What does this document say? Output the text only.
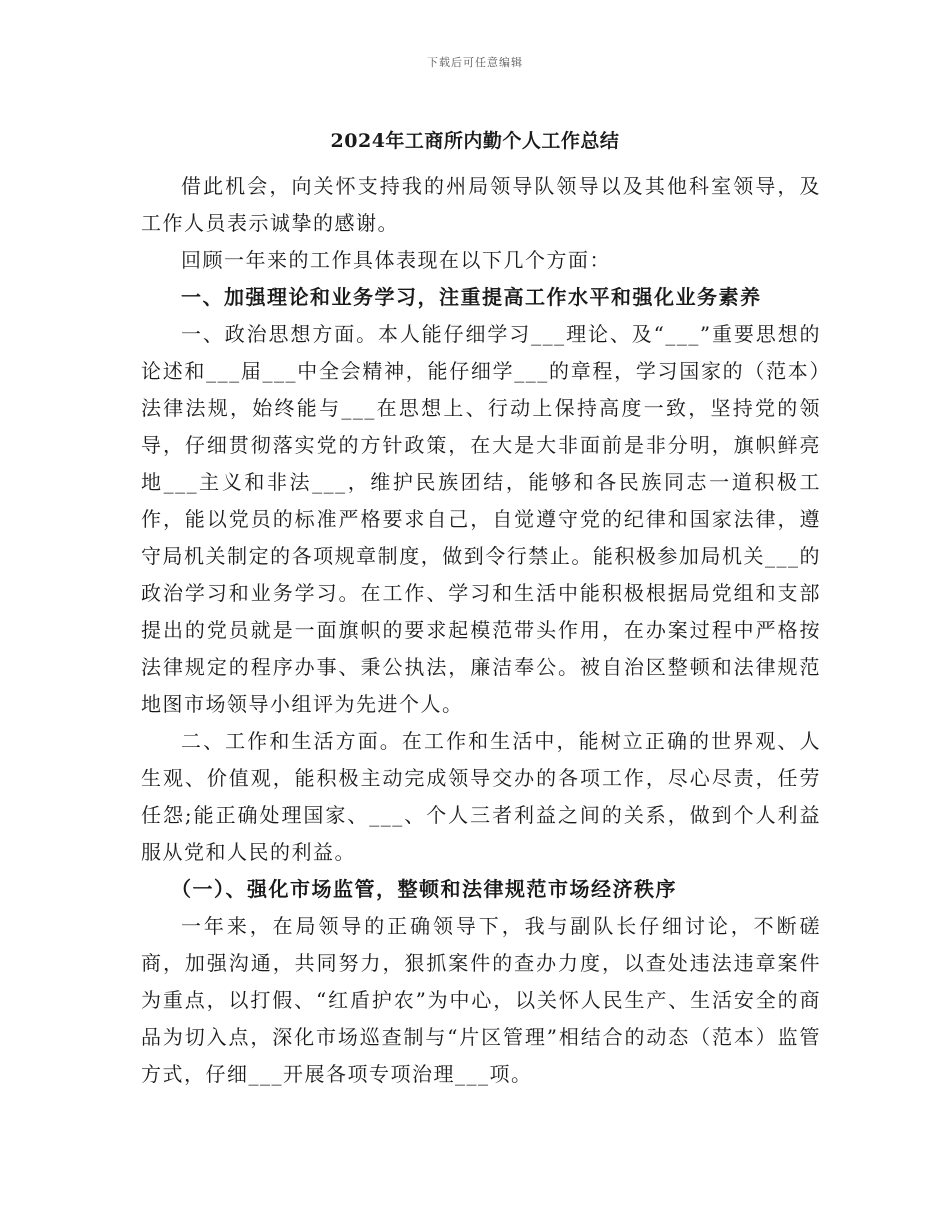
下载后可任意编辑
2024年工商所内勤个人工作总结

借此机会，向关怀支持我的州局领导队领导以及其他科室领导，及工作人员表示诚挚的感谢。

回顾一年来的工作具体表现在以下几个方面：

一、加强理论和业务学习，注重提高工作水平和强化业务素养

一、政治思想方面。本人能仔细学习___理论、及“___”重要思想的论述和___届___中全会精神，能仔细学___的章程，学习国家的（范本）法律法规，始终能与___在思想上、行动上保持高度一致，坚持党的领导，仔细贯彻落实党的方针政策，在大是大非面前是非分明，旗帜鲜亮地___主义和非法___，维护民族团结，能够和各民族同志一道积极工作，能以党员的标准严格要求自己，自觉遵守党的纪律和国家法律，遵守局机关制定的各项规章制度，做到令行禁止。能积极参加局机关___的政治学习和业务学习。在工作、学习和生活中能积极根据局党组和支部提出的党员就是一面旗帜的要求起模范带头作用，在办案过程中严格按法律规定的程序办事、秉公执法，廉洁奉公。被自治区整顿和法律规范地图市场领导小组评为先进个人。

二、工作和生活方面。在工作和生活中，能树立正确的世界观、人生观、价值观，能积极主动完成领导交办的各项工作，尽心尽责，任劳任怨;能正确处理国家、___、个人三者利益之间的关系，做到个人利益服从党和人民的利益。

（一）、强化市场监管，整顿和法律规范市场经济秩序

一年来，在局领导的正确领导下，我与副队长仔细讨论，不断磋商，加强沟通，共同努力，狠抓案件的查办力度，以查处违法违章案件为重点，以打假、“红盾护农”为中心，以关怀人民生产、生活安全的商品为切入点，深化市场巡查制与“片区管理”相结合的动态（范本）监管方式，仔细___开展各项专项治理___项。
